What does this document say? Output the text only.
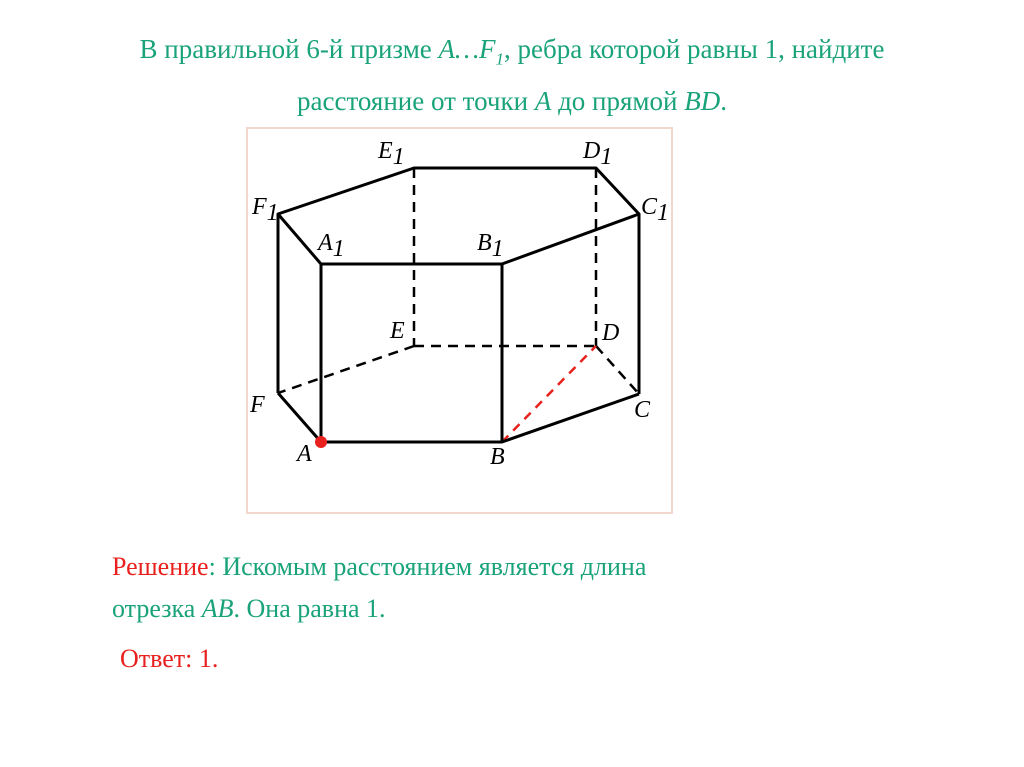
В правильной 6-й призме $A\dots F_1$, ребра которой равны 1, найдите
расстояние от точки A до прямой BD.
E1	D1
F1	C1
A1	B1
E	D
F	C
A	B
Решение: Искомым расстоянием является длина
отрезка AB. Она равна 1.
Ответ: 1.
